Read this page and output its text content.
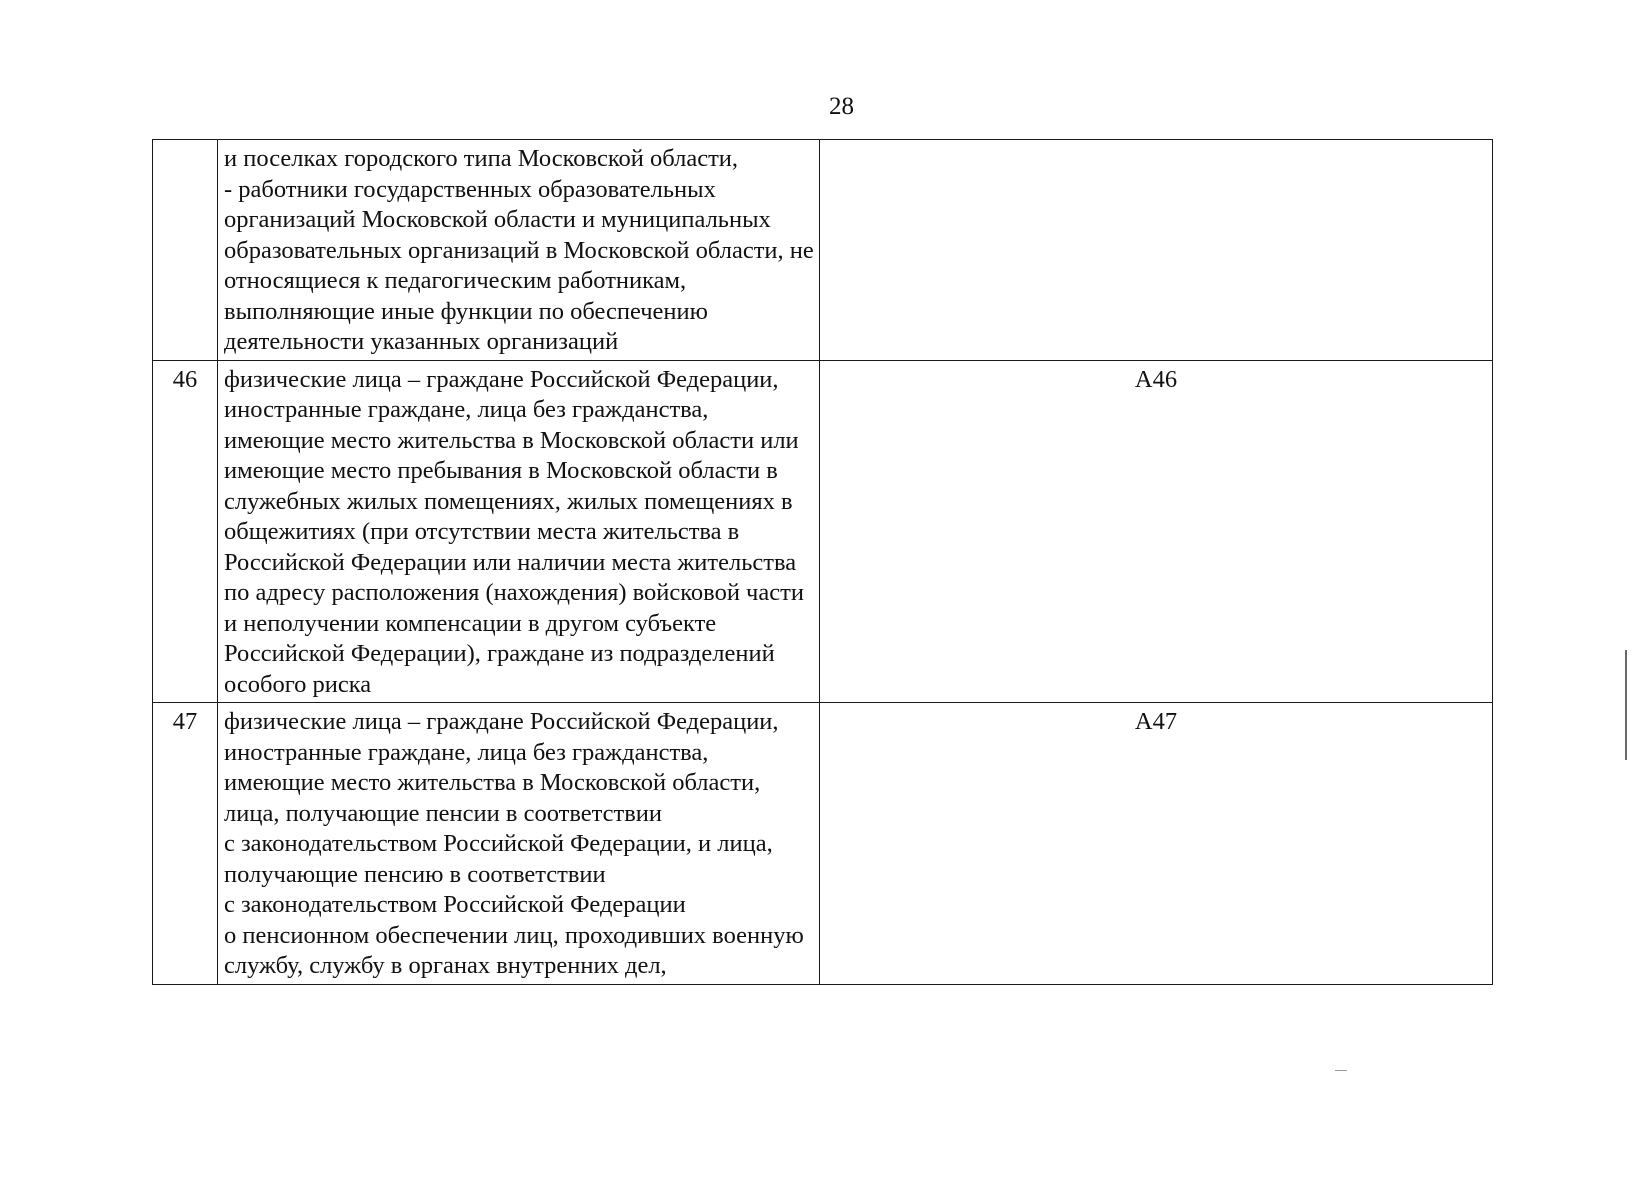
28
	и поселках городского типа Московской области,
- работники государственных образовательных организаций Московской области и муниципальных образовательных организаций в Московской области, не относящиеся к педагогическим работникам, выполняющие иные функции по обеспечению деятельности указанных организаций	
46	физические лица – граждане Российской Федерации, иностранные граждане, лица без гражданства, имеющие место жительства в Московской области или имеющие место пребывания в Московской области в служебных жилых помещениях, жилых помещениях в общежитиях (при отсутствии места жительства в Российской Федерации или наличии места жительства по адресу расположения (нахождения) войсковой части и неполучении компенсации в другом субъекте Российской Федерации), граждане из подразделений особого риска	А46
47	физические лица – граждане Российской Федерации, иностранные граждане, лица без гражданства, имеющие место жительства в Московской области, лица, получающие пенсии в соответствии
с законодательством Российской Федерации, и лица, получающие пенсию в соответствии
с законодательством Российской Федерации
о пенсионном обеспечении лиц, проходивших военную службу, службу в органах внутренних дел,	А47
